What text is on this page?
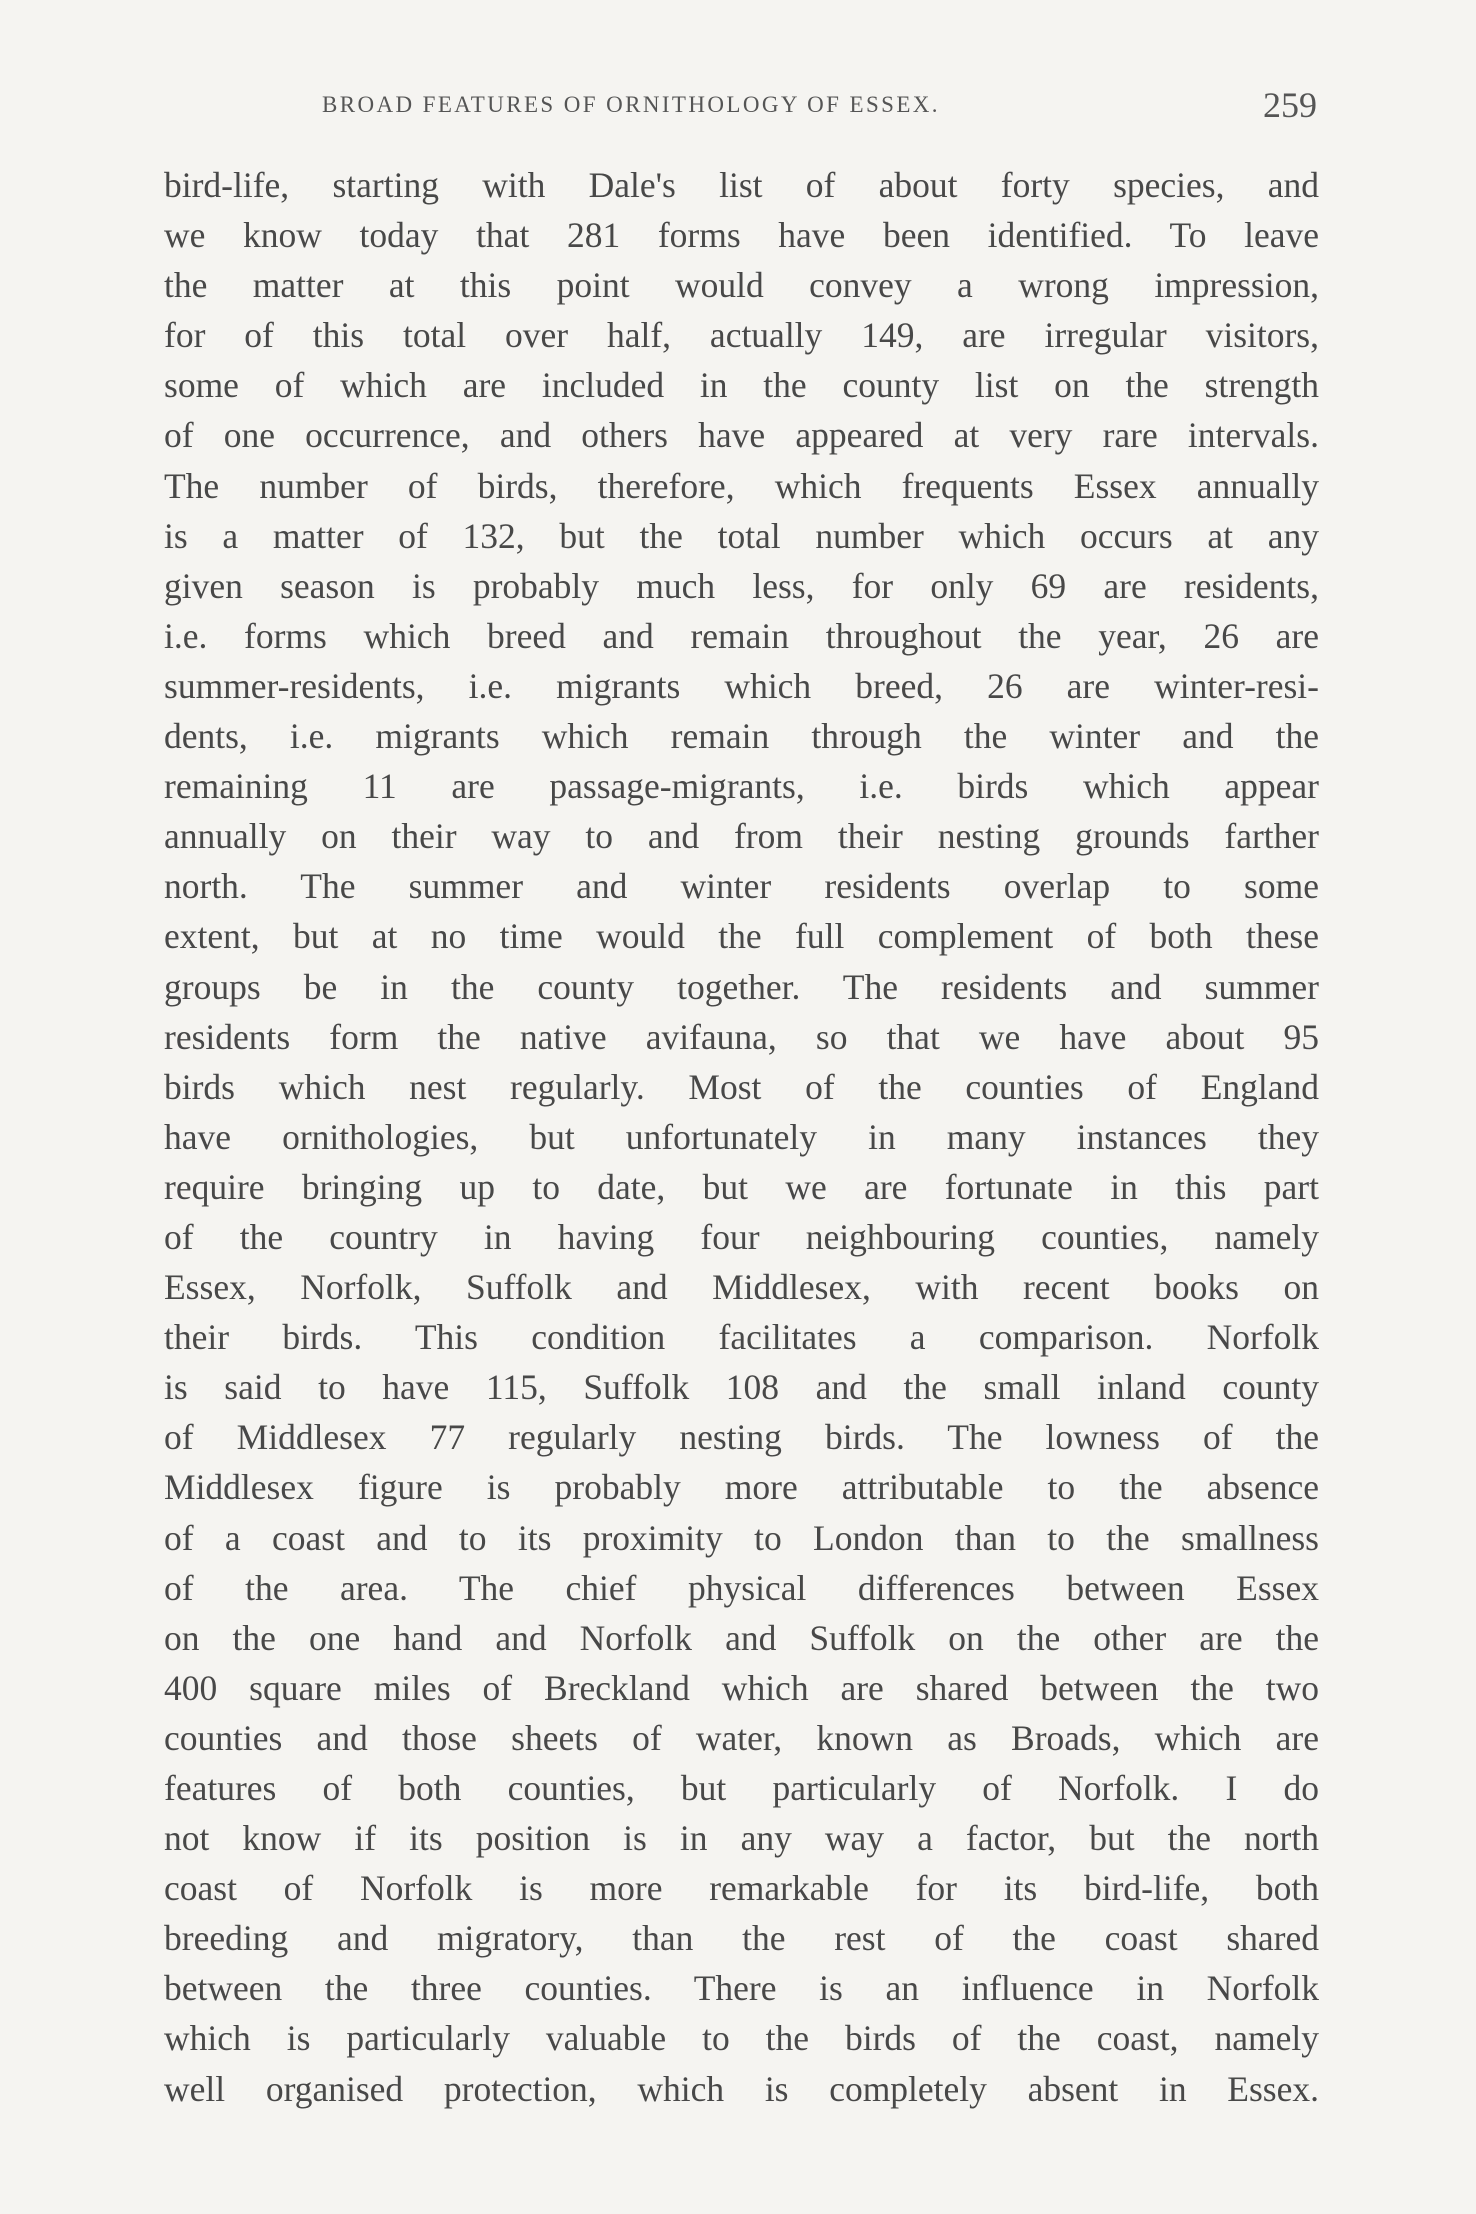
BROAD FEATURES OF ORNITHOLOGY OF ESSEX.	259
bird-life, starting with Dale's list of about forty species, and
we know today that 281 forms have been identified. To leave
the matter at this point would convey a wrong impression,
for of this total over half, actually 149, are irregular visitors,
some of which are included in the county list on the strength
of one occurrence, and others have appeared at very rare intervals.
The number of birds, therefore, which frequents Essex annually
is a matter of 132, but the total number which occurs at any
given season is probably much less, for only 69 are residents,
i.e. forms which breed and remain throughout the year, 26 are
summer-residents, i.e. migrants which breed, 26 are winter-resi-
dents, i.e. migrants which remain through the winter and the
remaining 11 are passage-migrants, i.e. birds which appear
annually on their way to and from their nesting grounds farther
north. The summer and winter residents overlap to some
extent, but at no time would the full complement of both these
groups be in the county together. The residents and summer
residents form the native avifauna, so that we have about 95
birds which nest regularly. Most of the counties of England
have ornithologies, but unfortunately in many instances they
require bringing up to date, but we are fortunate in this part
of the country in having four neighbouring counties, namely
Essex, Norfolk, Suffolk and Middlesex, with recent books on
their birds. This condition facilitates a comparison. Norfolk
is said to have 115, Suffolk 108 and the small inland county
of Middlesex 77 regularly nesting birds. The lowness of the
Middlesex figure is probably more attributable to the absence
of a coast and to its proximity to London than to the smallness
of the area. The chief physical differences between Essex
on the one hand and Norfolk and Suffolk on the other are the
400 square miles of Breckland which are shared between the two
counties and those sheets of water, known as Broads, which are
features of both counties, but particularly of Norfolk. I do
not know if its position is in any way a factor, but the north
coast of Norfolk is more remarkable for its bird-life, both
breeding and migratory, than the rest of the coast shared
between the three counties. There is an influence in Norfolk
which is particularly valuable to the birds of the coast, namely
well organised protection, which is completely absent in Essex.
